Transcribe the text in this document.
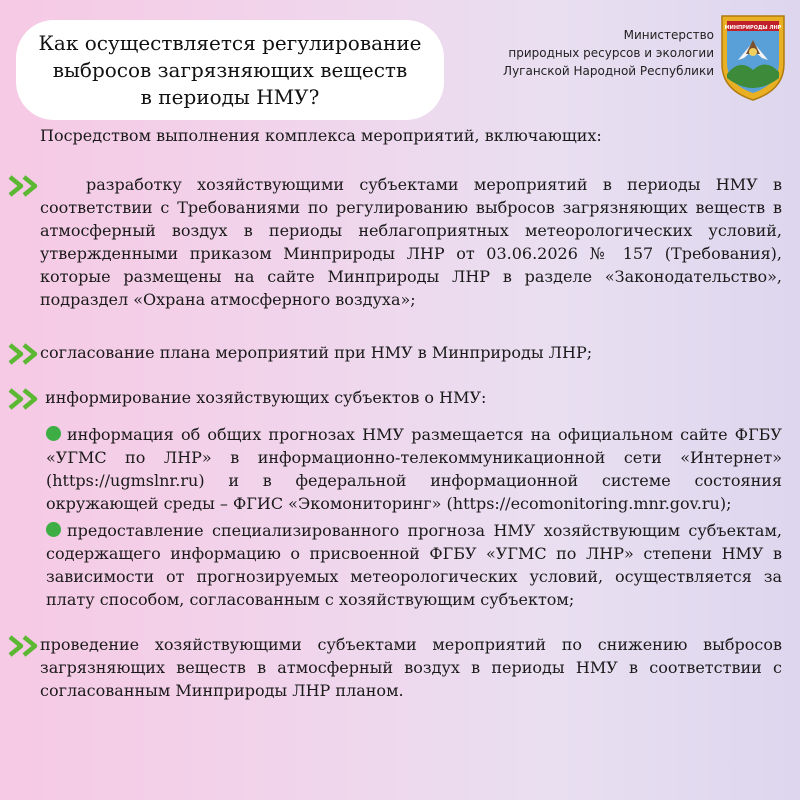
Как осуществляется регулирование
выбросов загрязняющих веществ
в периоды НМУ?
Министерство
природных ресурсов и экологии
Луганской Народной Республики
МИНПРИРОДЫ ЛНР

Посредством выполнения комплекса мероприятий, включающих:

разработку хозяйствующими субъектами мероприятий в периоды НМУ в соответствии с Требованиями по регулированию выбросов загрязняющих веществ в атмосферный воздух в периоды неблагоприятных метеорологических условий, утвержденными приказом Минприроды ЛНР от 03.06.2026 № 157 (Требования), которые размещены на сайте Минприроды ЛНР в разделе «Законодательство», подраздел «Охрана атмосферного воздуха»;

согласование плана мероприятий при НМУ в Минприроды ЛНР;

информирование хозяйствующих субъектов о НМУ:

информация об общих прогнозах НМУ размещается на официальном сайте ФГБУ «УГМС по ЛНР» в информационно-телекоммуникационной сети «Интернет» (https://ugmslnr.ru) и в федеральной информационной системе состояния окружающей среды – ФГИС «Экомониторинг» (https://ecomonitoring.mnr.gov.ru);

предоставление специализированного прогноза НМУ хозяйствующим субъектам, содержащего информацию о присвоенной ФГБУ «УГМС по ЛНР» степени НМУ в зависимости от прогнозируемых метеорологических условий, осуществляется за плату способом, согласованным с хозяйствующим субъектом;

проведение хозяйствующими субъектами мероприятий по снижению выбросов загрязняющих веществ в атмосферный воздух в периоды НМУ в соответствии с согласованным Минприроды ЛНР планом.
